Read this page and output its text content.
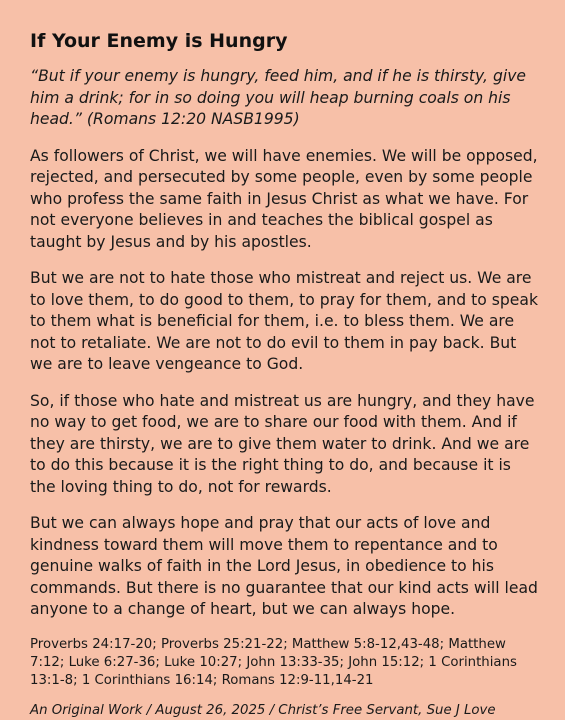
If Your Enemy is Hungry

“But if your enemy is hungry, feed him, and if he is thirsty, give him a drink; for in so doing you will heap burning coals on his head.” (Romans 12:20 NASB1995)

As followers of Christ, we will have enemies. We will be opposed, rejected, and persecuted by some people, even by some people who profess the same faith in Jesus Christ as what we have. For not everyone believes in and teaches the biblical gospel as taught by Jesus and by his apostles.

But we are not to hate those who mistreat and reject us. We are to love them, to do good to them, to pray for them, and to speak to them what is beneficial for them, i.e. to bless them. We are not to retaliate. We are not to do evil to them in pay back. But we are to leave vengeance to God.

So, if those who hate and mistreat us are hungry, and they have no way to get food, we are to share our food with them. And if they are thirsty, we are to give them water to drink. And we are to do this because it is the right thing to do, and because it is the loving thing to do, not for rewards.

But we can always hope and pray that our acts of love and kindness toward them will move them to repentance and to genuine walks of faith in the Lord Jesus, in obedience to his commands. But there is no guarantee that our kind acts will lead anyone to a change of heart, but we can always hope.

Proverbs 24:17-20; Proverbs 25:21-22; Matthew 5:8-12,43-48; Matthew 7:12; Luke 6:27-36; Luke 10:27; John 13:33-35; John 15:12; 1 Corinthians 13:1-8; 1 Corinthians 16:14; Romans 12:9-11,14-21

An Original Work / August 26, 2025 / Christ’s Free Servant, Sue J Love
